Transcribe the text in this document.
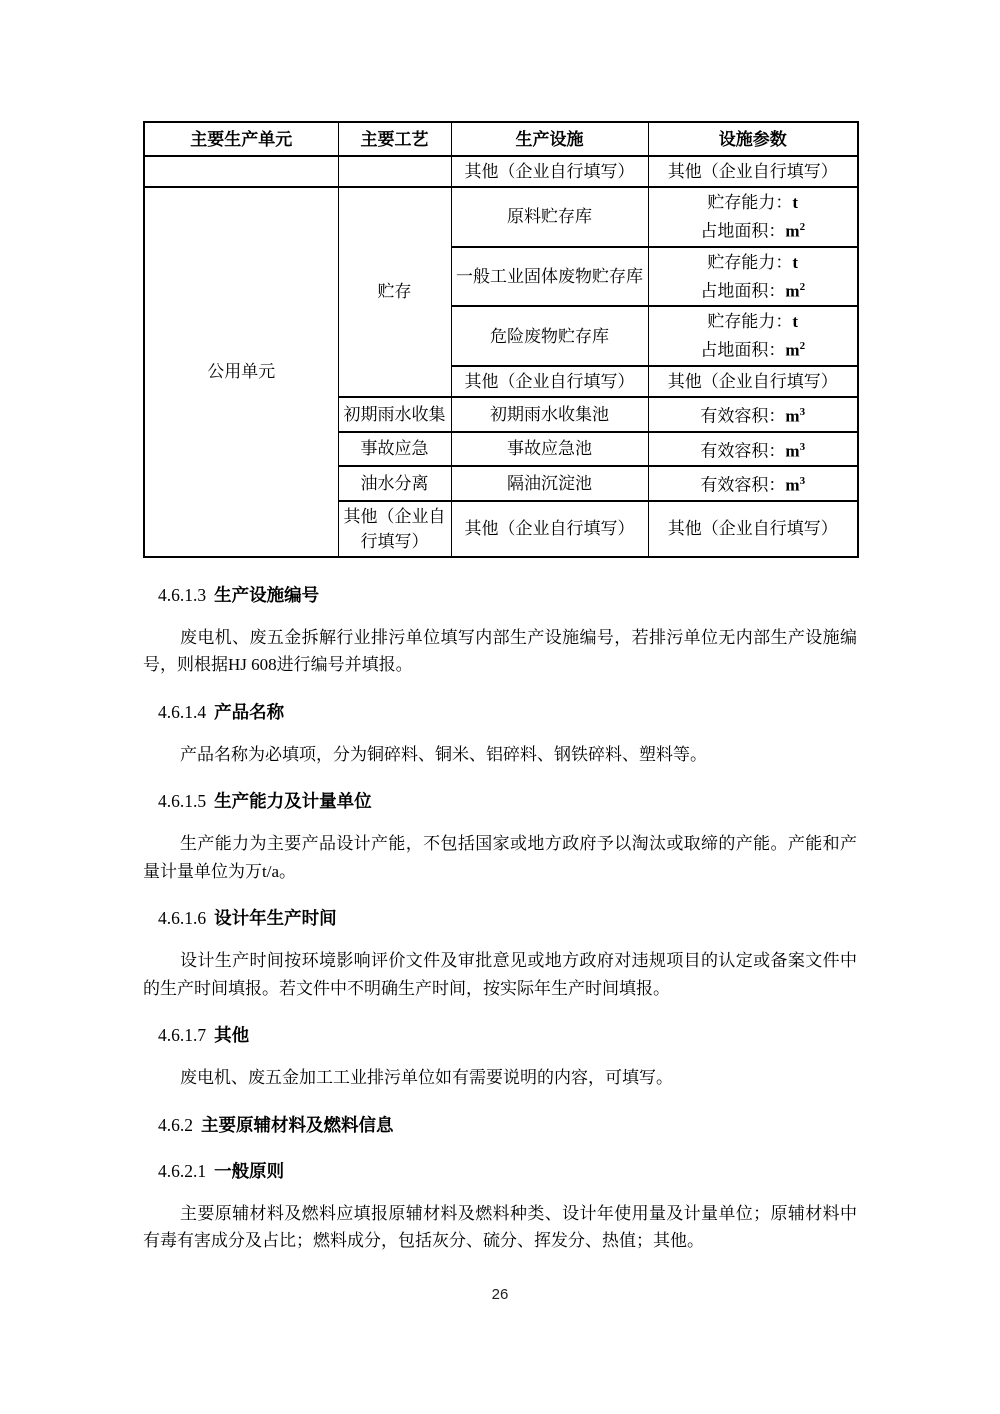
主要生产单元	主要工艺	生产设施	设施参数
		其他（企业自行填写）	其他（企业自行填写）
公用单元	贮存	原料贮存库	贮存能力：t
占地面积：$m^2$

		一般工业固体废物贮存库	贮存能力：t
占地面积：$m^2$

		危险废物贮存库	贮存能力：t
占地面积：$m^2$

		其他（企业自行填写）	其他（企业自行填写）
	初期雨水收集	初期雨水收集池	有效容积：$m^3$
	事故应急	事故应急池	有效容积：$m^3$
	油水分离	隔油沉淀池	有效容积：$m^3$
	其他（企业自行填写）	其他（企业自行填写）	其他（企业自行填写）
4.6.1.3 生产设施编号

废电机、废五金拆解行业排污单位填写内部生产设施编号，若排污单位无内部生产设施编号，则根据HJ 608进行编号并填报。

4.6.1.4 产品名称

产品名称为必填项，分为铜碎料、铜米、铝碎料、钢铁碎料、塑料等。

4.6.1.5 生产能力及计量单位

生产能力为主要产品设计产能，不包括国家或地方政府予以淘汰或取缔的产能。产能和产量计量单位为万t/a。

4.6.1.6 设计年生产时间

设计生产时间按环境影响评价文件及审批意见或地方政府对违规项目的认定或备案文件中的生产时间填报。若文件中不明确生产时间，按实际年生产时间填报。

4.6.1.7 其他

废电机、废五金加工工业排污单位如有需要说明的内容，可填写。

4.6.2 主要原辅材料及燃料信息
4.6.2.1 一般原则

主要原辅材料及燃料应填报原辅材料及燃料种类、设计年使用量及计量单位；原辅材料中有毒有害成分及占比；燃料成分，包括灰分、硫分、挥发分、热值；其他。

26
